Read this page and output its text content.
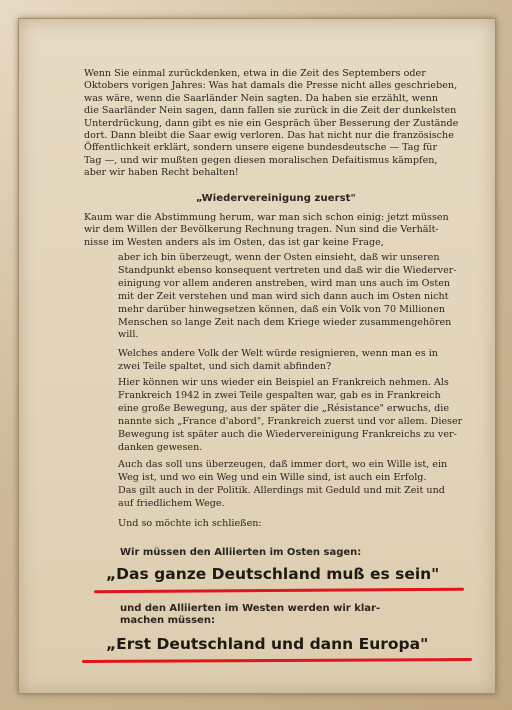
Wenn Sie einmal zurückdenken, etwa in die Zeit des Septembers oder
Oktobers vorigen Jahres: Was hat damals die Presse nicht alles geschrieben,
was wäre, wenn die Saarländer Nein sagten. Da haben sie erzählt, wenn
die Saarländer Nein sagen, dann fallen sie zurück in die Zeit der dunkelsten
Unterdrückung, dann gibt es nie ein Gespräch über Besserung der Zustände
dort. Dann bleibt die Saar ewig verloren. Das hat nicht nur die französische
Öffentlichkeit erklärt, sondern unsere eigene bundesdeutsche — Tag für
Tag —, und wir mußten gegen diesen moralischen Defaitismus kämpfen,
aber wir haben Recht behalten!
„Wiedervereinigung zuerst"
Kaum war die Abstimmung herum, war man sich schon einig: jetzt müssen
wir dem Willen der Bevölkerung Rechnung tragen. Nun sind die Verhält-
nisse im Westen anders als im Osten, das ist gar keine Frage,
aber ich bin überzeugt, wenn der Osten einsieht, daß wir unseren
Standpunkt ebenso konsequent vertreten und daß wir die Wiederver-
einigung vor allem anderen anstreben, wird man uns auch im Osten
mit der Zeit verstehen und man wird sich dann auch im Osten nicht
mehr darüber hinwegsetzen können, daß ein Volk von 70 Millionen
Menschen so lange Zeit nach dem Kriege wieder zusammengehören
will.
Welches andere Volk der Welt würde resignieren, wenn man es in
zwei Teile spaltet, und sich damit abfinden?
Hier können wir uns wieder ein Beispiel an Frankreich nehmen. Als
Frankreich 1942 in zwei Teile gespalten war, gab es in Frankreich
eine große Bewegung, aus der später die „Résistance" erwuchs, die
nannte sich „France d'abord", Frankreich zuerst und vor allem. Dieser
Bewegung ist später auch die Wiedervereinigung Frankreichs zu ver-
danken gewesen.
Auch das soll uns überzeugen, daß immer dort, wo ein Wille ist, ein
Weg ist, und wo ein Weg und ein Wille sind, ist auch ein Erfolg.
Das gilt auch in der Politik. Allerdings mit Geduld und mit Zeit und
auf friedlichem Wege.
Und so möchte ich schließen:
Wir müssen den Alliierten im Osten sagen:
„Das ganze Deutschland muß es sein"
und den Alliierten im Westen werden wir klar-
machen müssen:
„Erst Deutschland und dann Europa"
